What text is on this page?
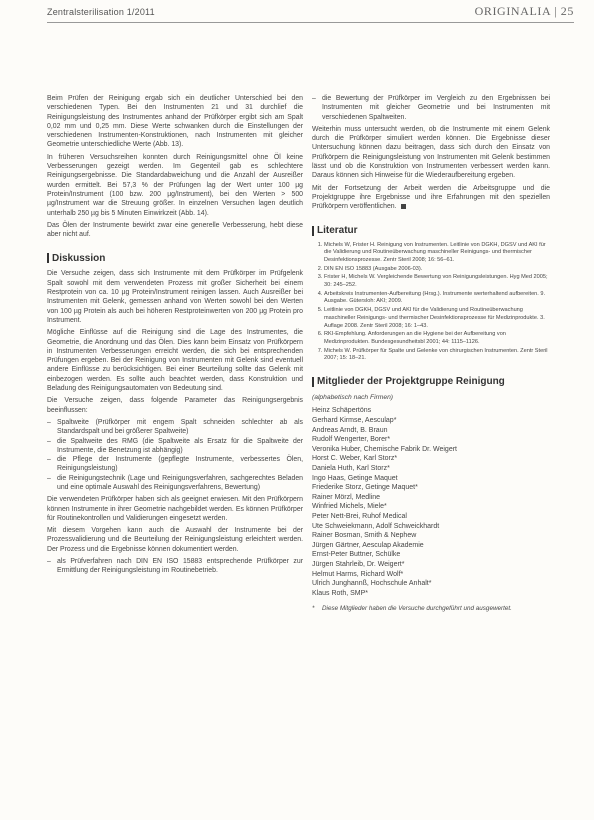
Zentralsterilisation 1/2011	ORIGINALIA | 25

Beim Prüfen der Reinigung ergab sich ein deutlicher Unterschied bei den verschiedenen Typen. Bei den Instrumenten 21 und 31 durchlief die Reinigungsleistung des Instrumentes anhand der Prüfkörper ergibt sich am Spalt 0,02 mm und 0,25 mm. Diese Werte schwanken durch die Einstellungen der verschiedenen Instrumenten-Konstruktionen, nach Instrumenten mit gleicher Geometrie unterschiedliche Werte (Abb. 13).

In früheren Versuchsreihen konnten durch Reinigungsmittel ohne Öl keine Verbesserungen gezeigt werden. Im Gegenteil gab es schlechtere Reinigungsergebnisse. Die Standardabweichung und die Anzahl der Ausreißer wurden ermittelt. Bei 57,3 % der Prüfungen lag der Wert unter 100 µg Protein/Instrument (100 bzw. 200 µg/Instrument), bei den Werten > 500 µg/Instrument war die Streuung größer. In einzelnen Versuchen lagen deutlich unterhalb 250 µg bis 5 Minuten Einwirkzeit (Abb. 14).

Das Ölen der Instrumente bewirkt zwar eine generelle Verbesserung, hebt diese aber nicht auf.

Diskussion

Die Versuche zeigen, dass sich Instrumente mit dem Prüfkörper im Prüfgelenk Spalt sowohl mit dem verwendeten Prozess mit großer Sicherheit bei einem Restprotein von ca. 10 µg Protein/Instrument reinigen lassen. Auch Ausreißer bei Instrumenten mit Gelenk, gemessen anhand von Werten sowohl bei den Werten von 100 µg Protein als auch bei höheren Restproteinwerten von 200 µg Protein pro Instrument.

Mögliche Einflüsse auf die Reinigung sind die Lage des Instrumentes, die Geometrie, die Anordnung und das Ölen. Dies kann beim Einsatz von Prüfkörpern in Instrumenten Verbesserungen erreicht werden, die sich bei entsprechenden Prüfungen ergeben. Bei der Reinigung von Instrumenten mit Gelenk sind eventuell andere Einflüsse zu berücksichtigen. Bei einer Beurteilung sollte das Gelenk mit einbezogen werden. Es sollte auch beachtet werden, dass Konstruktion und Beladung des Reinigungsautomaten von Bedeutung sind.

Die Versuche zeigen, dass folgende Parameter das Reinigungsergebnis beeinflussen:

– Spaltweite (Prüfkörper mit engem Spalt schneiden schlechter ab als Standardspalt und bei größerer Spaltweite)
– die Spaltweite des RMG (die Spaltweite als Ersatz für die Spaltweite der Instrumente, die Benetzung ist abhängig)
– die Pflege der Instrumente (gepflegte Instrumente, verbessertes Ölen, Reinigungsleistung)
– die Reinigungstechnik (Lage und Reinigungsverfahren, sachgerechtes Beladen und eine optimale Auswahl des Reinigungsverfahrens, Bewertung)

Die verwendeten Prüfkörper haben sich als geeignet erwiesen. Mit den Prüfkörpern können Instrumente in ihrer Geometrie nachgebildet werden. Es können Prüfkörper für Routinekontrollen und Validierungen eingesetzt werden.

Mit diesem Vorgehen kann auch die Auswahl der Instrumente bei der Prozessvalidierung und die Beurteilung der Reinigungsleistung erleichtert werden. Der Prozess und die Ergebnisse können dokumentiert werden.

– als Prüfverfahren nach DIN EN ISO 15883 entsprechende Prüfkörper zur Ermittlung der Reinigungsleistung im Routinebetrieb.
– die Bewertung der Prüfkörper im Vergleich zu den Ergebnissen bei Instrumenten mit gleicher Geometrie und bei Instrumenten mit verschiedenen Spaltweiten.

Weiterhin muss untersucht werden, ob die Instrumente mit einem Gelenk durch die Prüfkörper simuliert werden können. Die Ergebnisse dieser Untersuchung können dazu beitragen, dass sich durch den Einsatz von Prüfkörpern die Reinigungsleistung von Instrumenten mit Gelenk bestimmen lässt und ob die Konstruktion von Instrumenten verbessert werden kann. Daraus können sich Hinweise für die Wiederaufbereitung ergeben.

Mit der Fortsetzung der Arbeit werden die Arbeitsgruppe und die Projektgruppe ihre Ergebnisse und ihre Erfahrungen mit den speziellen Prüfkörpern veröffentlichen.

Literatur
1. Michels W, Frister H. Reinigung von Instrumenten. Leitlinie von DGKH, DGSV und AKI für die Validierung und Routineüberwachung maschineller Reinigungs- und thermischer Desinfektionsprozesse. Zentr Steril 2008; 16: 56–61.
2. DIN EN ISO 15883 (Ausgabe 2006-03).
3. Frister H, Michels W. Vergleichende Bewertung von Reinigungsleistungen. Hyg Med 2005; 30: 245–252.
4. Arbeitskreis Instrumenten-Aufbereitung (Hrsg.). Instrumente werterhaltend aufbereiten. 9. Ausgabe. Gütersloh: AKI; 2009.
5. Leitlinie von DGKH, DGSV und AKI für die Validierung und Routineüberwachung maschineller Reinigungs- und thermischer Desinfektionsprozesse für Medizinprodukte. 3. Auflage 2008. Zentr Steril 2008; 16: 1–43.
6. RKI-Empfehlung. Anforderungen an die Hygiene bei der Aufbereitung von Medizinprodukten. Bundesgesundheitsbl 2001; 44: 1115–1126.
7. Michels W. Prüfkörper für Spalte und Gelenke von chirurgischen Instrumenten. Zentr Steril 2007; 15: 18–21.
Mitglieder der Projektgruppe Reinigung
(alphabetisch nach Firmen)
Heinz Schäpertöns
Gerhard Kirmse, Aesculap*
Andreas Arndt, B. Braun
Rudolf Wengerter, Borer*
Veronika Huber, Chemische Fabrik Dr. Weigert
Horst C. Weber, Karl Storz*
Daniela Huth, Karl Storz*
Ingo Haas, Getinge Maquet
Friederike Storz, Getinge Maquet*
Rainer Mörzl, Medline
Winfried Michels, Miele*
Peter Nett-Brei, Ruhof Medical
Ute Schweiekmann, Adolf Schweickhardt
Rainer Bosman, Smith & Nephew
Jürgen Gärtner, Aesculap Akademie
Ernst-Peter Buttner, Schülke
Jürgen Stahrleib, Dr. Weigert*
Helmut Harms, Richard Wolf*
Ulrich Junghannß, Hochschule Anhalt*
Klaus Roth, SMP*
* Diese Mitglieder haben die Versuche durchgeführt und ausgewertet.
